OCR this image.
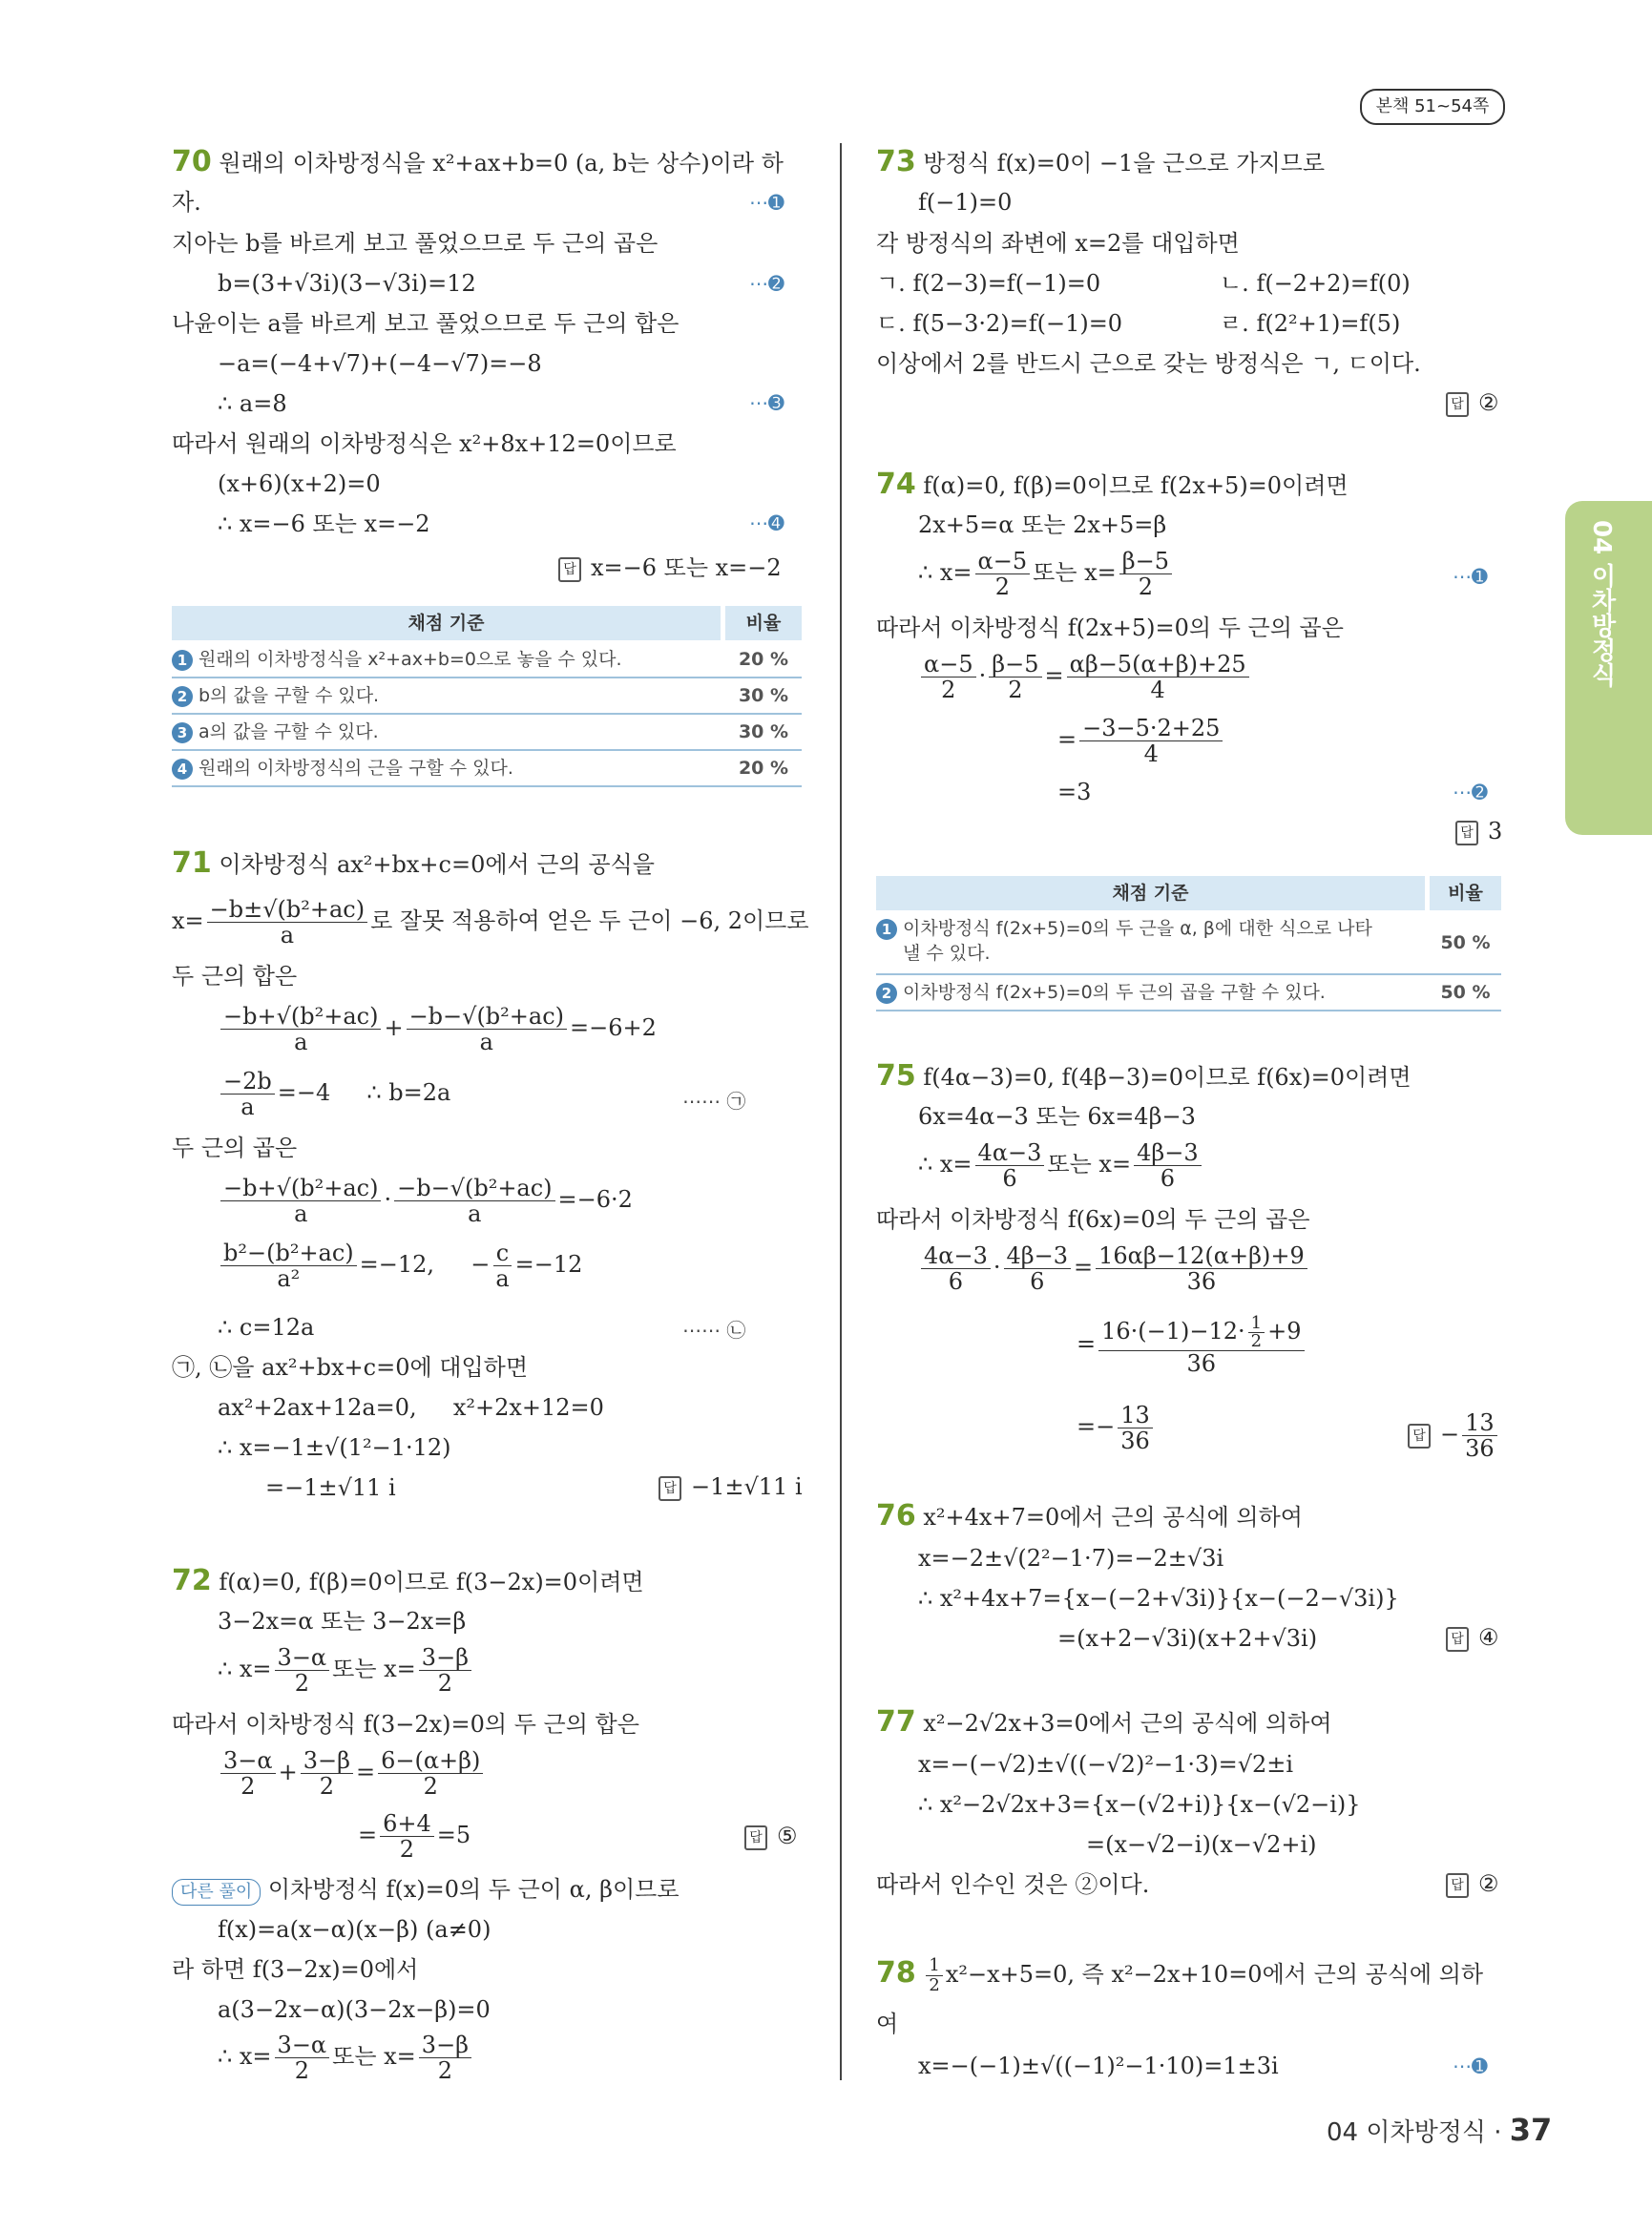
본책 51~54쪽
04 이차방정식
70 원래의 이차방정식을 x²+ax+b=0 (a, b는 상수)이라 하
자.	⋯➊
지아는 b를 바르게 보고 풀었으므로 두 근의 곱은
b=(3+√3i)(3−√3i)=12	⋯➋
나윤이는 a를 바르게 보고 풀었으므로 두 근의 합은
−a=(−4+√7)+(−4−√7)=−8
∴ a=8	⋯➌
따라서 원래의 이차방정식은 x²+8x+12=0이므로
(x+6)(x+2)=0
∴ x=−6 또는 x=−2	⋯➍
답 x=−6 또는 x=−2
채점 기준	비율
1 원래의 이차방정식을 x²+ax+b=0으로 놓을 수 있다.	20 %
2 b의 값을 구할 수 있다.	30 %
3 a의 값을 구할 수 있다.	30 %
4 원래의 이차방정식의 근을 구할 수 있다.	20 %
71 이차방정식 ax²+bx+c=0에서 근의 공식을
$x= \frac{\text{−b±√(b²+ac)}}{a}$ 로 잘못 적용하여 얻은 두 근이 −6, 2이므로
두 근의 합은
$\frac{\text{−b+√(b²+ac)}}{a} + \frac{\text{−b−√(b²+ac)}}{a} =-6+2$
$\frac{-2b}{a} =-4$ ∴ b=2a	⋯⋯ ㉠
두 근의 곱은
$\frac{\text{−b+√(b²+ac)}}{a} \cdot \frac{\text{−b−√(b²+ac)}}{a} =-6\cdot 2$
$\frac{\text{b²−(b²+ac)}}{\text{a²}} =-12$, − $\frac{c}{a} =-12$
∴ c=12a	⋯⋯ ㉡
㉠, ㉡을 ax²+bx+c=0에 대입하면
ax²+2ax+12a=0, x²+2x+12=0
∴ x=−1±√(1²−1·12)
=−1±√11 i	답 −1±√11 i
72 f(α)=0, f(β)=0이므로 f(3−2x)=0이려면
3−2x=α 또는 3−2x=β
∴ $x= \frac{3-\alpha}{2}$ 또는 $x= \frac{3-\beta}{2}$
따라서 이차방정식 f(3−2x)=0의 두 근의 합은
$\frac{3-\alpha}{2} + \frac{3-\beta}{2} = \frac{6-(\alpha+\beta)}{2}$
= $\frac{6+4}{2} =5$	답 ⑤
다른 풀이 이차방정식 f(x)=0의 두 근이 α, β이므로
f(x)=a(x−α)(x−β) (a≠0)
라 하면 f(3−2x)=0에서
a(3−2x−α)(3−2x−β)=0
∴ $x= \frac{3-\alpha}{2}$ 또는 $x= \frac{3-\beta}{2}$
73 방정식 f(x)=0이 −1을 근으로 가지므로
f(−1)=0
각 방정식의 좌변에 x=2를 대입하면
ㄱ. f(2−3)=f(−1)=0	ㄴ. f(−2+2)=f(0)
ㄷ. f(5−3·2)=f(−1)=0	ㄹ. f(2²+1)=f(5)
이상에서 2를 반드시 근으로 갖는 방정식은 ㄱ, ㄷ이다.
답 ②
74 f(α)=0, f(β)=0이므로 f(2x+5)=0이려면
2x+5=α 또는 2x+5=β
∴ $x= \frac{\alpha-5}{2}$ 또는 $x= \frac{\beta-5}{2}$	⋯➊
따라서 이차방정식 f(2x+5)=0의 두 근의 곱은
$\frac{\alpha-5}{2} \cdot \frac{\beta-5}{2} = \frac{\alpha\beta-5(\alpha+\beta)+25}{4}$
= $\frac{-3-5\cdot 2+25}{4}$
=3	⋯➋
답 3
채점 기준	비율
1 이차방정식 f(2x+5)=0의 두 근을 α, β에 대한 식으로 나타
낼 수 있다.	50 %
2 이차방정식 f(2x+5)=0의 두 근의 곱을 구할 수 있다.	50 %
75 f(4α−3)=0, f(4β−3)=0이므로 f(6x)=0이려면
6x=4α−3 또는 6x=4β−3
∴ $x= \frac{4\alpha-3}{6}$ 또는 $x= \frac{4\beta-3}{6}$
따라서 이차방정식 f(6x)=0의 두 근의 곱은
$\frac{4\alpha-3}{6} \cdot \frac{4\beta-3}{6} = \frac{16\alpha\beta-12(\alpha+\beta)+9}{36}$
= $\frac{16\cdot(-1)-12\cdot \frac{1}{2} +9}{36}$
=− $\frac{13}{36}$	답 − $\frac{13}{36}$
76 x²+4x+7=0에서 근의 공식에 의하여
x=−2±√(2²−1·7)=−2±√3i
∴ x²+4x+7={x−(−2+√3i)}{x−(−2−√3i)}
=(x+2−√3i)(x+2+√3i)	답 ④
77 x²−2√2x+3=0에서 근의 공식에 의하여
x=−(−√2)±√((−√2)²−1·3)=√2±i
∴ x²−2√2x+3={x−(√2+i)}{x−(√2−i)}
=(x−√2−i)(x−√2+i)
따라서 인수인 것은 ②이다.	답 ②
$78 \frac{1}{2} x^2-x+5=0$, 즉 x²−2x+10=0에서 근의 공식에 의하
여
x=−(−1)±√((−1)²−1·10)=1±3i	⋯➊
04 이차방정식 · 37
